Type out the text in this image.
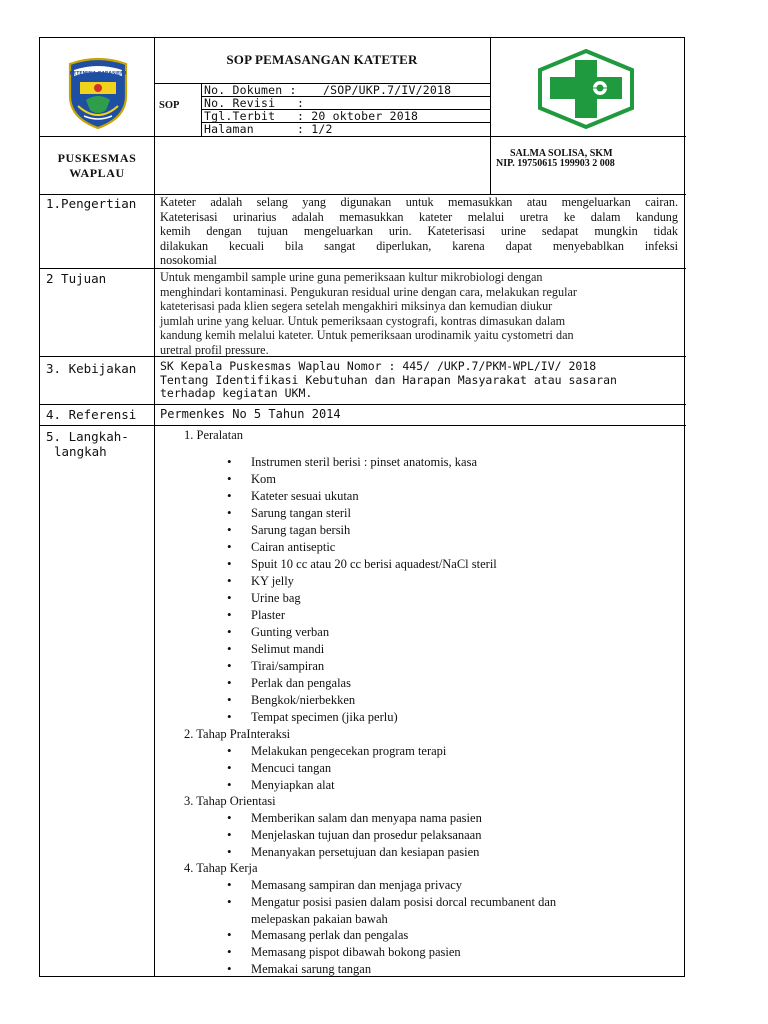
RETEMINA BARASIEMI
SOP PEMASANGAN KATETER
SOP
No. Dokumen : /SOP/UKP.7/IV/2018
No. Revisi :
Tgl.Terbit : 20 oktober 2018
Halaman	: 1/2
PUSKESMAS
WAPLAU
SALMA SOLISA, SKM
NIP. 19750615 199903 2 008
1.Pengertian
2 Tujuan
3. Kebijakan
4. Referensi
5. Langkah-
langkah
Kateter adalah selang yang digunakan untuk memasukkan atau mengeluarkan cairan.
Kateterisasi urinarius adalah memasukkan kateter melalui uretra ke dalam kandung
kemih dengan tujuan mengeluarkan urin. Kateterisasi urine sedapat mungkin tidak
dilakukan kecuali bila sangat diperlukan, karena dapat menyebablkan infeksi
nosokomial
Untuk mengambil sample urine guna pemeriksaan kultur mikrobiologi dengan
menghindari kontaminasi. Pengukuran residual urine dengan cara, melakukan regular
kateterisasi pada klien segera setelah mengakhiri miksinya dan kemudian diukur
jumlah urine yang keluar. Untuk pemeriksaan cystografi, kontras dimasukan dalam
kandung kemih melalui kateter. Untuk pemeriksaan urodinamik yaitu cystometri dan
uretral profil pressure.
SK Kepala Puskesmas Waplau Nomor : 445/ /UKP.7/PKM-WPL/IV/ 2018
Tentang Identifikasi Kebutuhan dan Harapan Masyarakat atau sasaran
terhadap kegiatan UKM.
Permenkes No 5 Tahun 2014
1. Peralatan
• Instrumen steril berisi : pinset anatomis, kasa
• Kom
• Kateter sesuai ukutan
• Sarung tangan steril
• Sarung tagan bersih
• Cairan antiseptic
• Spuit 10 cc atau 20 cc berisi aquadest/NaCl steril
• KY jelly
• Urine bag
• Plaster
• Gunting verban
• Selimut mandi
• Tirai/sampiran
• Perlak dan pengalas
• Bengkok/nierbekken
• Tempat specimen (jika perlu)
2. Tahap PraInteraksi
• Melakukan pengecekan program terapi
• Mencuci tangan
• Menyiapkan alat
3. Tahap Orientasi
• Memberikan salam dan menyapa nama pasien
• Menjelaskan tujuan dan prosedur pelaksanaan
• Menanyakan persetujuan dan kesiapan pasien
4. Tahap Kerja
• Memasang sampiran dan menjaga privacy
• Mengatur posisi pasien dalam posisi dorcal recumbanent dan
melepaskan pakaian bawah
• Memasang perlak dan pengalas
• Memasang pispot dibawah bokong pasien
• Memakai sarung tangan
